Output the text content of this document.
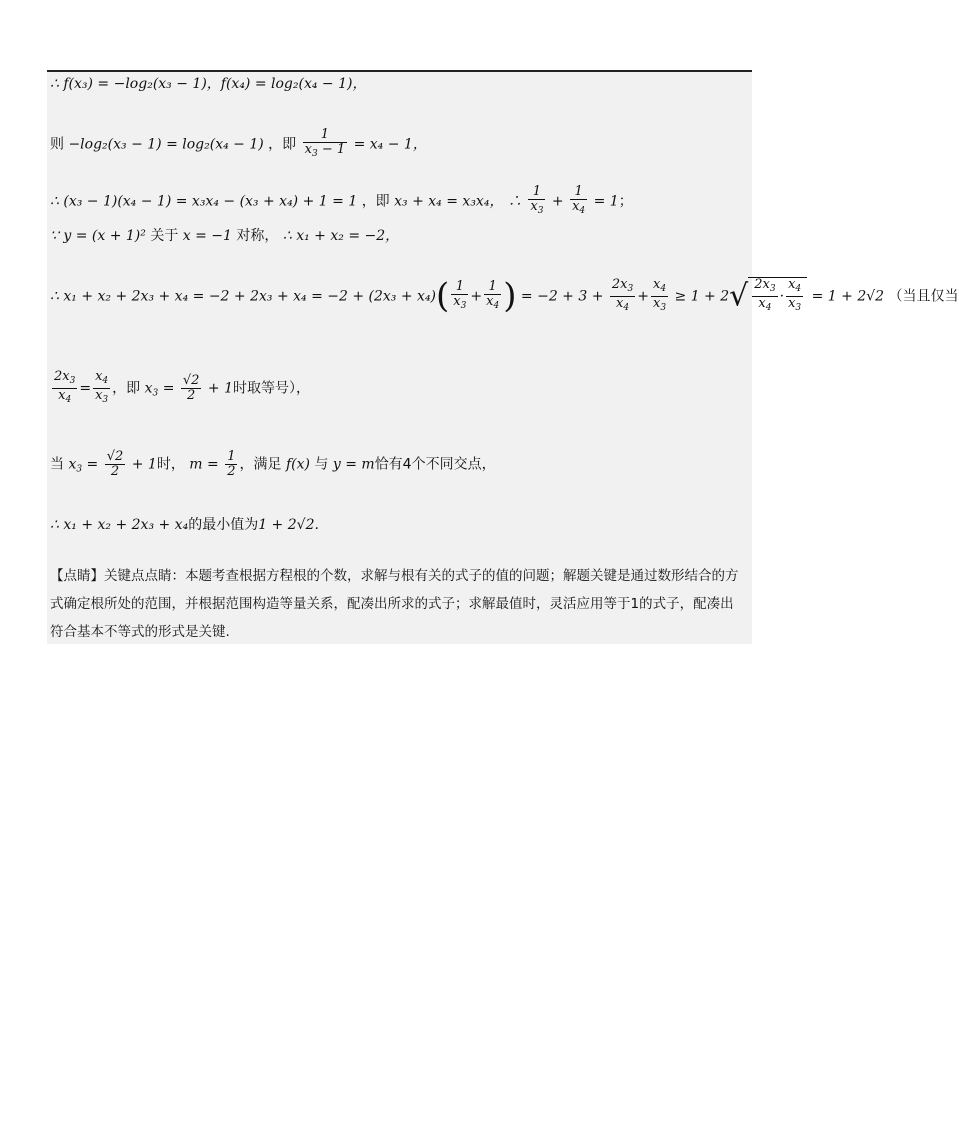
∴ f(x₃) = −log₂(x₃ − 1)，f(x₄) = log₂(x₄ − 1)，
则 −log₂(x₃ − 1) = log₂(x₄ − 1) ，即 $\frac{1}{x_3 - 1} = x_4 - 1$，
∴ (x₃ − 1)(x₄ − 1) = x₃x₄ − (x₃ + x₄) + 1 = 1 ，即 x₃ + x₄ = x₃x₄， ∴ $\frac{1}{x_3} + \frac{1}{x_4} = 1$；
∵ y = (x + 1)² 关于 x = −1 对称， ∴ x₁ + x₂ = −2，
∴ $x_1 + x_2 + 2x_3 + x_4 = -2 + 2x_3 + x_4 = -2 + (2x_3 + x_4)( \frac{1}{x_3} + \frac{1}{x_4}$ ) = $-2 + 3 + \frac{2x_3}{x_4} + \frac{x_4}{x_3} \ge 1 + 2√ \frac{2x_3}{x_4} \cdot \frac{x_4}{x_3} = 1 + 2√2$ （当且仅当
$\frac{2x_3}{x_4} = \frac{x_4}{x_3}$ ，即 $x_3 = \frac{√2}{2} + 1$时取等号），
当 $x_3 = \frac{√2}{2} + 1$时， $m = \frac{1}{2}$ ，满足 f(x) 与 y = m恰有4个不同交点，
∴ x₁ + x₂ + 2x₃ + x₄的最小值为1 + 2√2.
【点睛】关键点点睛：本题考查根据方程根的个数，求解与根有关的式子的值的问题；解题关键是通过数形结合的方式确定根所处的范围，并根据范围构造等量关系，配凑出所求的式子；求解最值时，灵活应用等于1的式子，配凑出符合基本不等式的形式是关键.
